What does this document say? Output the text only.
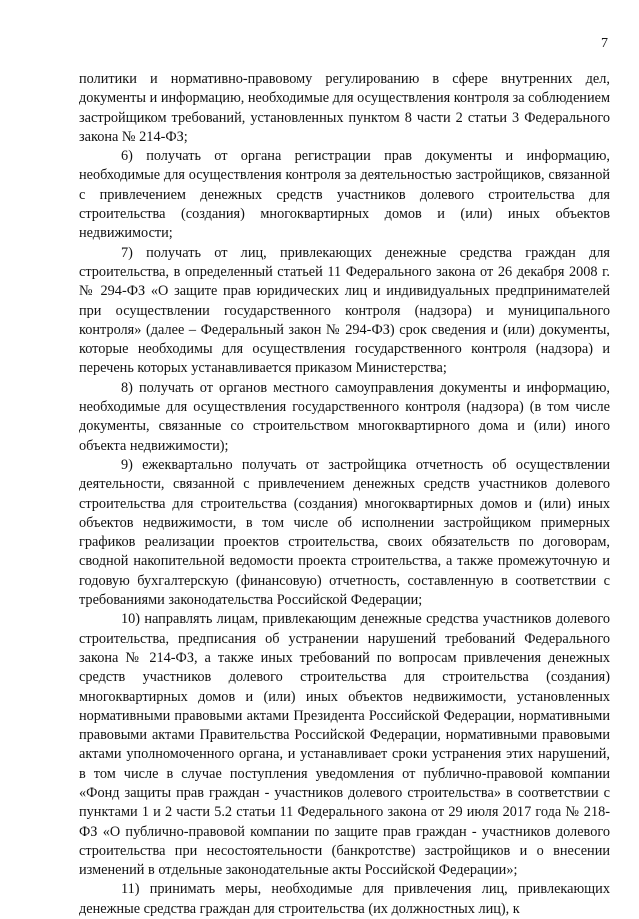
7

политики и нормативно-правовому регулированию в сфере внутренних дел, документы и информацию, необходимые для осуществления контроля за соблюдением застройщиком требований, установленных пунктом 8 части 2 статьи 3 Федерального закона № 214-ФЗ;

6) получать от органа регистрации прав документы и информацию, необходимые для осуществления контроля за деятельностью застройщиков, связанной с привлечением денежных средств участников долевого строительства для строительства (создания) многоквартирных домов и (или) иных объектов недвижимости;

7) получать от лиц, привлекающих денежные средства граждан для строительства, в определенный статьей 11 Федерального закона от 26 декабря 2008 г. № 294-ФЗ «О защите прав юридических лиц и индивидуальных предпринимателей при осуществлении государственного контроля (надзора) и муниципального контроля» (далее – Федеральный закон № 294-ФЗ) срок сведения и (или) документы, которые необходимы для осуществления государственного контроля (надзора) и перечень которых устанавливается приказом Министерства;

8) получать от органов местного самоуправления документы и информацию, необходимые для осуществления государственного контроля (надзора) (в том числе документы, связанные со строительством многоквартирного дома и (или) иного объекта недвижимости);

9) ежеквартально получать от застройщика отчетность об осуществлении деятельности, связанной с привлечением денежных средств участников долевого строительства для строительства (создания) многоквартирных домов и (или) иных объектов недвижимости, в том числе об исполнении застройщиком примерных графиков реализации проектов строительства, своих обязательств по договорам, сводной накопительной ведомости проекта строительства, а также промежуточную и годовую бухгалтерскую (финансовую) отчетность, составленную в соответствии с требованиями законодательства Российской Федерации;

10) направлять лицам, привлекающим денежные средства участников долевого строительства, предписания об устранении нарушений требований Федерального закона № 214-ФЗ, а также иных требований по вопросам привлечения денежных средств участников долевого строительства для строительства (создания) многоквартирных домов и (или) иных объектов недвижимости, установленных нормативными правовыми актами Президента Российской Федерации, нормативными правовыми актами Правительства Российской Федерации, нормативными правовыми актами уполномоченного органа, и устанавливает сроки устранения этих нарушений, в том числе в случае поступления уведомления от публично-правовой компании «Фонд защиты прав граждан - участников долевого строительства» в соответствии с пунктами 1 и 2 части 5.2 статьи 11 Федерального закона от 29 июля 2017 года № 218-ФЗ «О публично-правовой компании по защите прав граждан - участников долевого строительства при несостоятельности (банкротстве) застройщиков и о внесении изменений в отдельные законодательные акты Российской Федерации»;

11) принимать меры, необходимые для привлечения лиц, привлекающих денежные средства граждан для строительства (их должностных лиц), к
